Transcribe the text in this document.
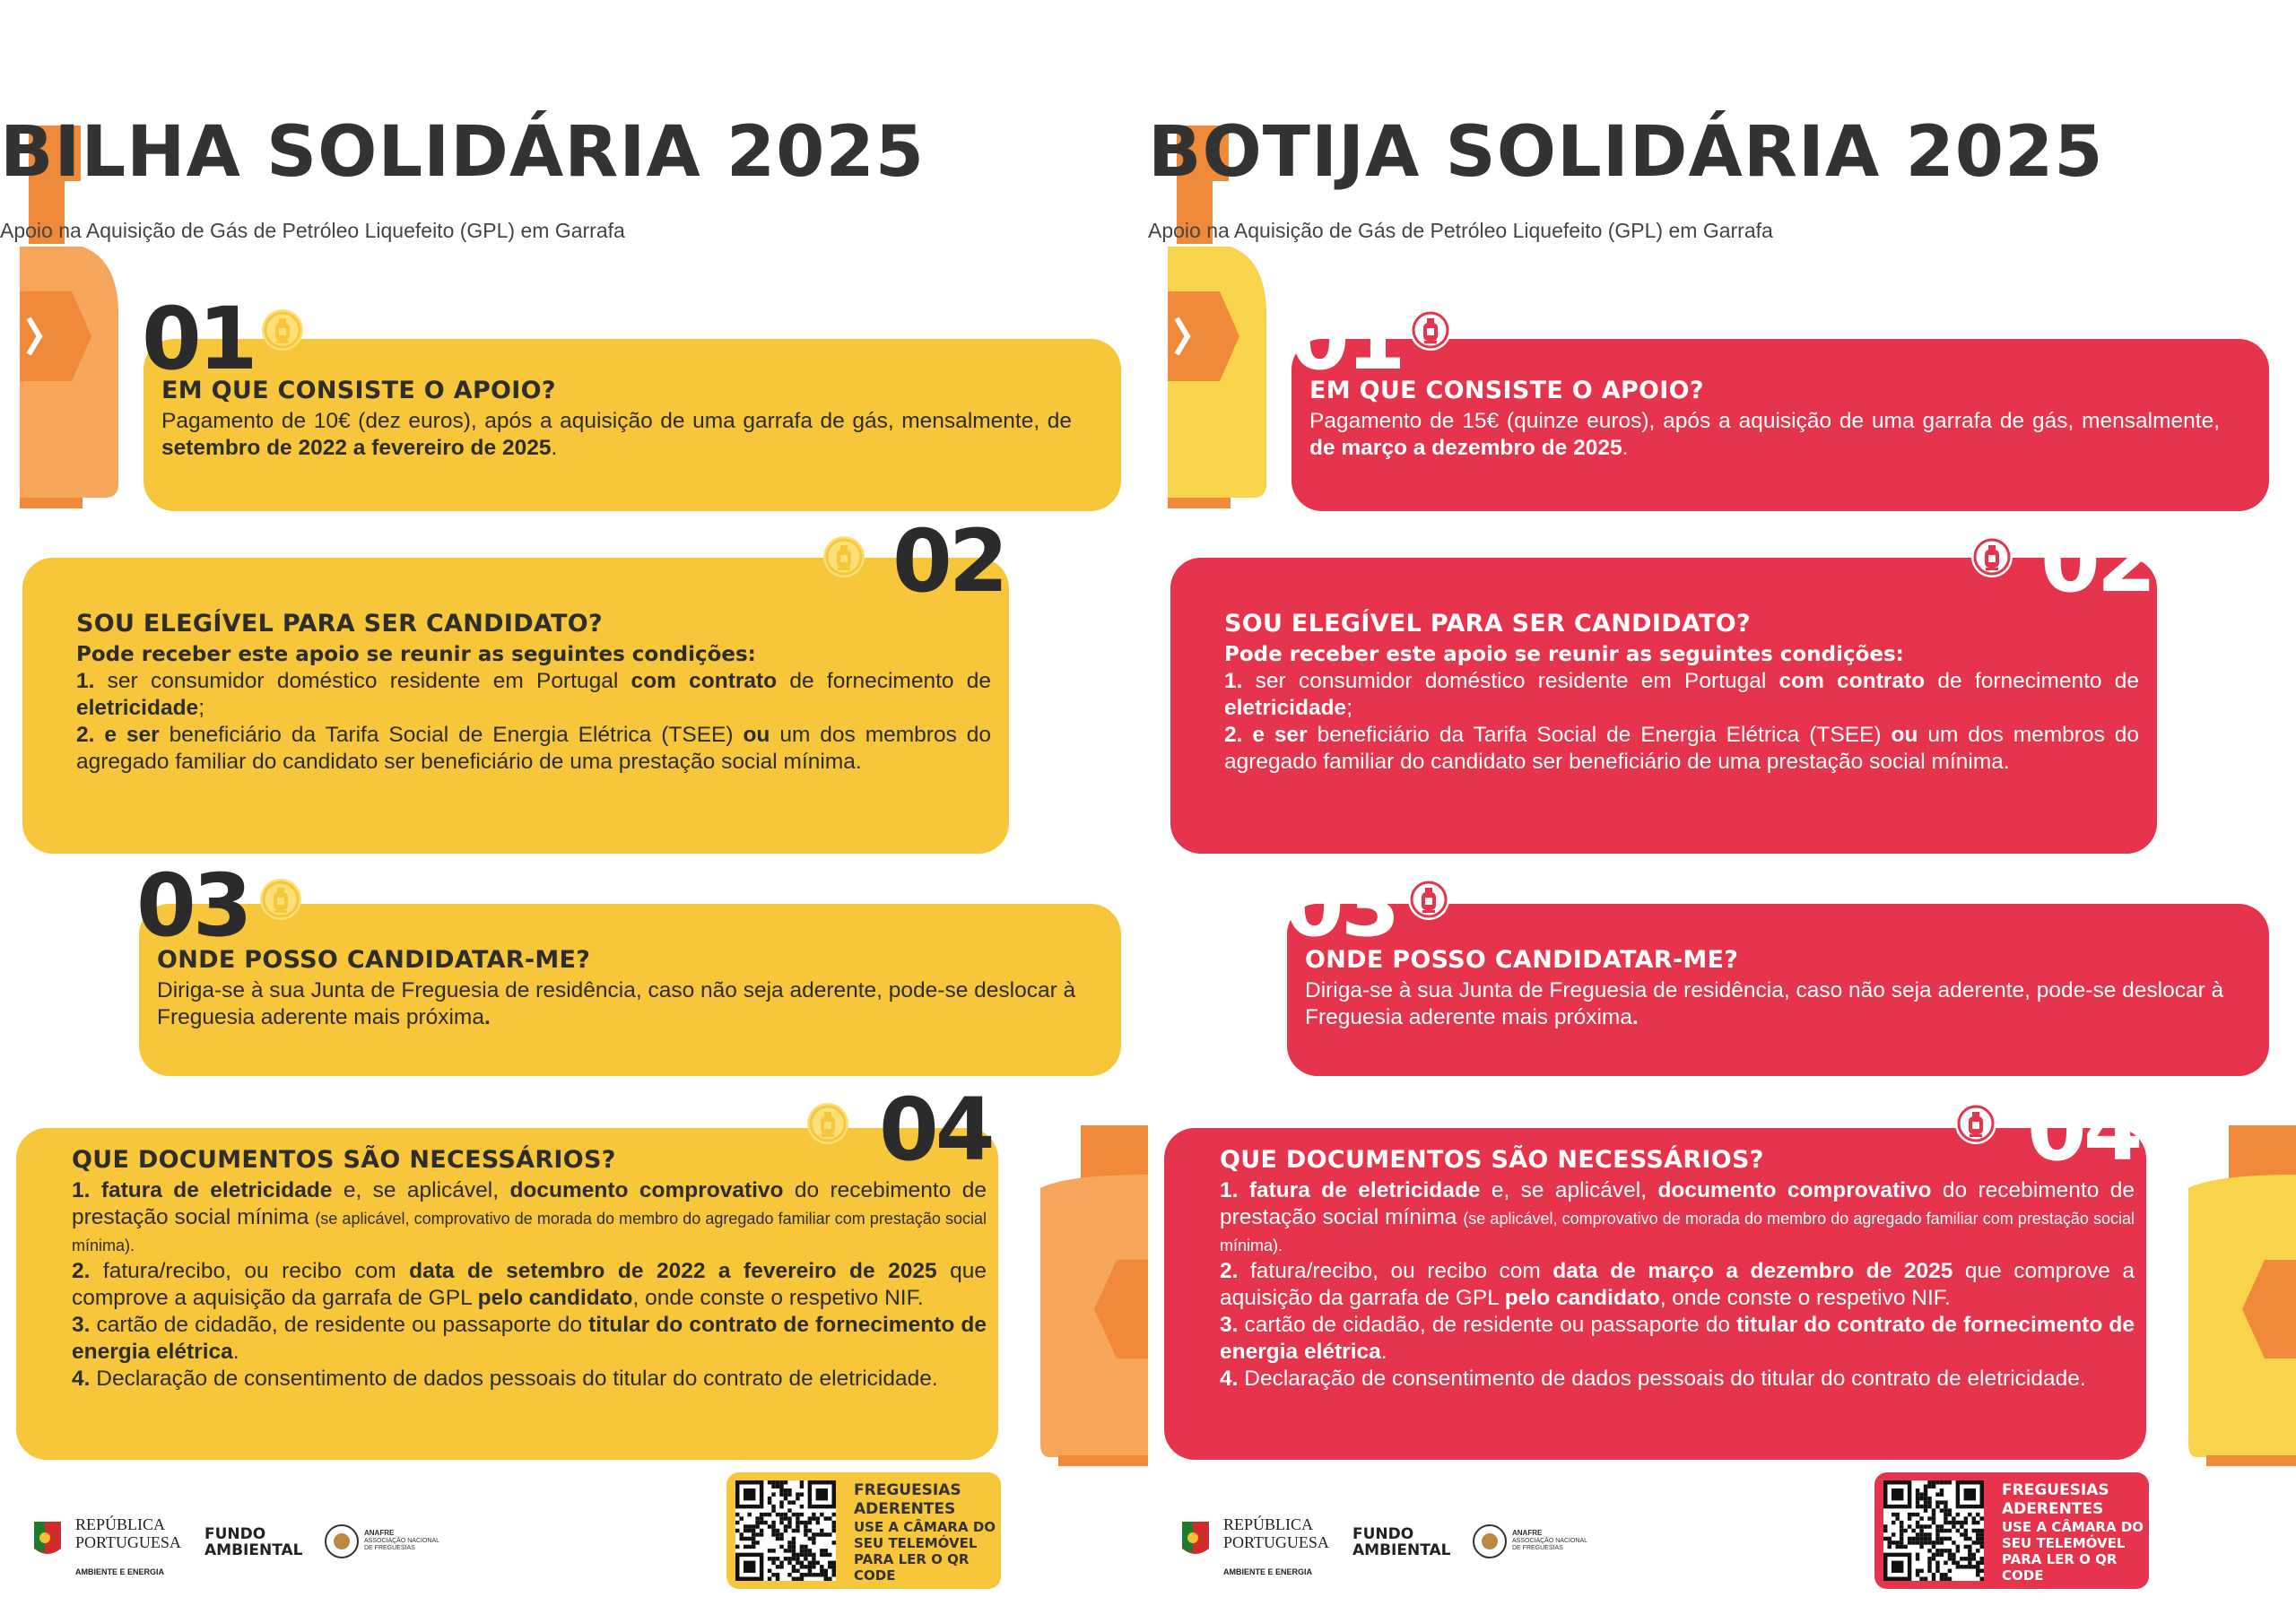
BILHA SOLIDÁRIA 2025
Apoio na Aquisição de Gás de Petróleo Liquefeito (GPL) em Garrafa
01
EM QUE CONSISTE O APOIO?

Pagamento de 10€ (dez euros), após a aquisição de uma garrafa de gás, mensalmente, de setembro de 2022 a fevereiro de 2025.

02
SOU ELEGÍVEL PARA SER CANDIDATO?

Pode receber este apoio se reunir as seguintes condições:

1. ser consumidor doméstico residente em Portugal com contrato de fornecimento de eletricidade;

2. e ser beneficiário da Tarifa Social de Energia Elétrica (TSEE) ou um dos membros do agregado familiar do candidato ser beneficiário de uma prestação social mínima.

03
ONDE POSSO CANDIDATAR-ME?

Diriga-se à sua Junta de Freguesia de residência, caso não seja aderente, pode-se deslocar à Freguesia aderente mais próxima.

04
QUE DOCUMENTOS SÃO NECESSÁRIOS?

1. fatura de eletricidade e, se aplicável, documento comprovativo do recebimento de prestação social mínima (se aplicável, comprovativo de morada do membro do agregado familiar com prestação social mínima).

2. fatura/recibo, ou recibo com data de setembro de 2022 a fevereiro de 2025 que comprove a aquisição da garrafa de GPL pelo candidato, onde conste o respetivo NIF.

3. cartão de cidadão, de residente ou passaporte do titular do contrato de fornecimento de energia elétrica.

4. Declaração de consentimento de dados pessoais do titular do contrato de eletricidade.

FREGUESIAS
ADERENTES
USE A CÂMARA DO SEU TELEMÓVEL PARA LER O QR CODE
REPÚBLICA
PORTUGUESA
AMBIENTE E ENERGIA
FUNDO
AMBIENTAL
ANAFRE
ASSOCIAÇÃO NACIONAL
DE FREGUESIAS
BOTIJA SOLIDÁRIA 2025
Apoio na Aquisição de Gás de Petróleo Liquefeito (GPL) em Garrafa
01
EM QUE CONSISTE O APOIO?

Pagamento de 15€ (quinze euros), após a aquisição de uma garrafa de gás, mensalmente, de março a dezembro de 2025.

02
SOU ELEGÍVEL PARA SER CANDIDATO?

Pode receber este apoio se reunir as seguintes condições:

1. ser consumidor doméstico residente em Portugal com contrato de fornecimento de eletricidade;

2. e ser beneficiário da Tarifa Social de Energia Elétrica (TSEE) ou um dos membros do agregado familiar do candidato ser beneficiário de uma prestação social mínima.

03
ONDE POSSO CANDIDATAR-ME?

Diriga-se à sua Junta de Freguesia de residência, caso não seja aderente, pode-se deslocar à Freguesia aderente mais próxima.

04
QUE DOCUMENTOS SÃO NECESSÁRIOS?

1. fatura de eletricidade e, se aplicável, documento comprovativo do recebimento de prestação social mínima (se aplicável, comprovativo de morada do membro do agregado familiar com prestação social mínima).

2. fatura/recibo, ou recibo com data de março a dezembro de 2025 que comprove a aquisição da garrafa de GPL pelo candidato, onde conste o respetivo NIF.

3. cartão de cidadão, de residente ou passaporte do titular do contrato de fornecimento de energia elétrica.

4. Declaração de consentimento de dados pessoais do titular do contrato de eletricidade.

FREGUESIAS
ADERENTES
USE A CÂMARA DO SEU TELEMÓVEL PARA LER O QR CODE
REPÚBLICA
PORTUGUESA
AMBIENTE E ENERGIA
FUNDO
AMBIENTAL
ANAFRE
ASSOCIAÇÃO NACIONAL
DE FREGUESIAS
